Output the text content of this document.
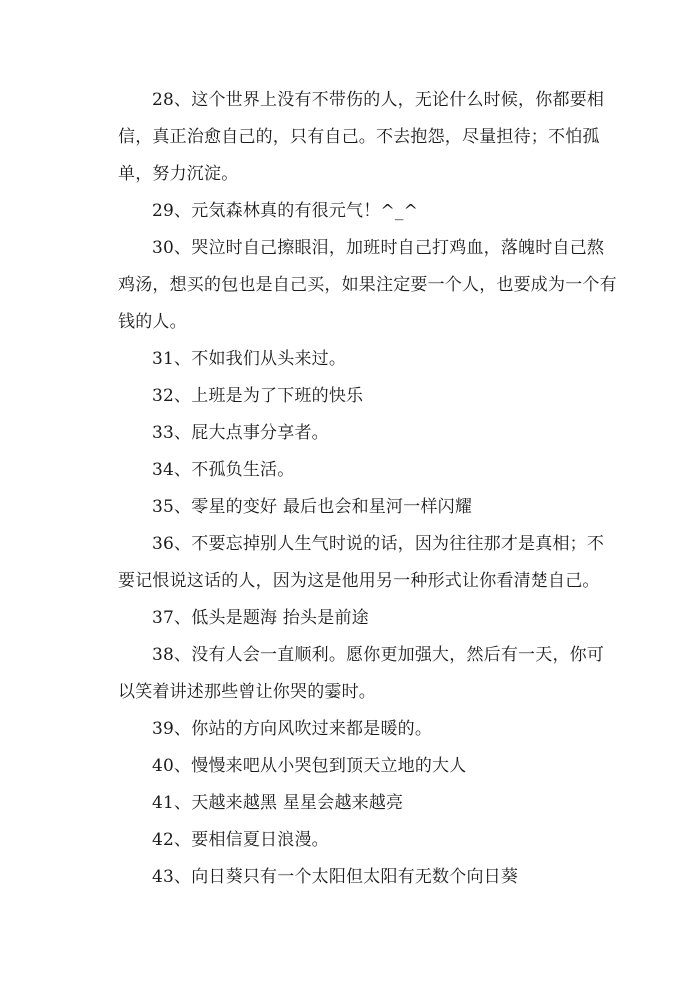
28、这个世界上没有不带伤的人，无论什么时候，你都要相信，真正治愈自己的，只有自己。不去抱怨，尽量担待；不怕孤单，努力沉淀。

29、元気森林真的有很元气！^_^

30、哭泣时自己擦眼泪，加班时自己打鸡血，落魄时自己熬鸡汤，想买的包也是自己买，如果注定要一个人，也要成为一个有钱的人。

31、不如我们从头来过。

32、上班是为了下班的快乐

33、屁大点事分享者。

34、不孤负生活。

35、零星的变好 最后也会和星河一样闪耀

36、不要忘掉别人生气时说的话，因为往往那才是真相；不要记恨说这话的人，因为这是他用另一种形式让你看清楚自己。

37、低头是题海 抬头是前途

38、没有人会一直顺利。愿你更加强大，然后有一天，你可以笑着讲述那些曾让你哭的霎时。

39、你站的方向风吹过来都是暖的。

40、慢慢来吧从小哭包到顶天立地的大人

41、天越来越黑 星星会越来越亮

42、要相信夏日浪漫。

43、向日葵只有一个太阳但太阳有无数个向日葵
